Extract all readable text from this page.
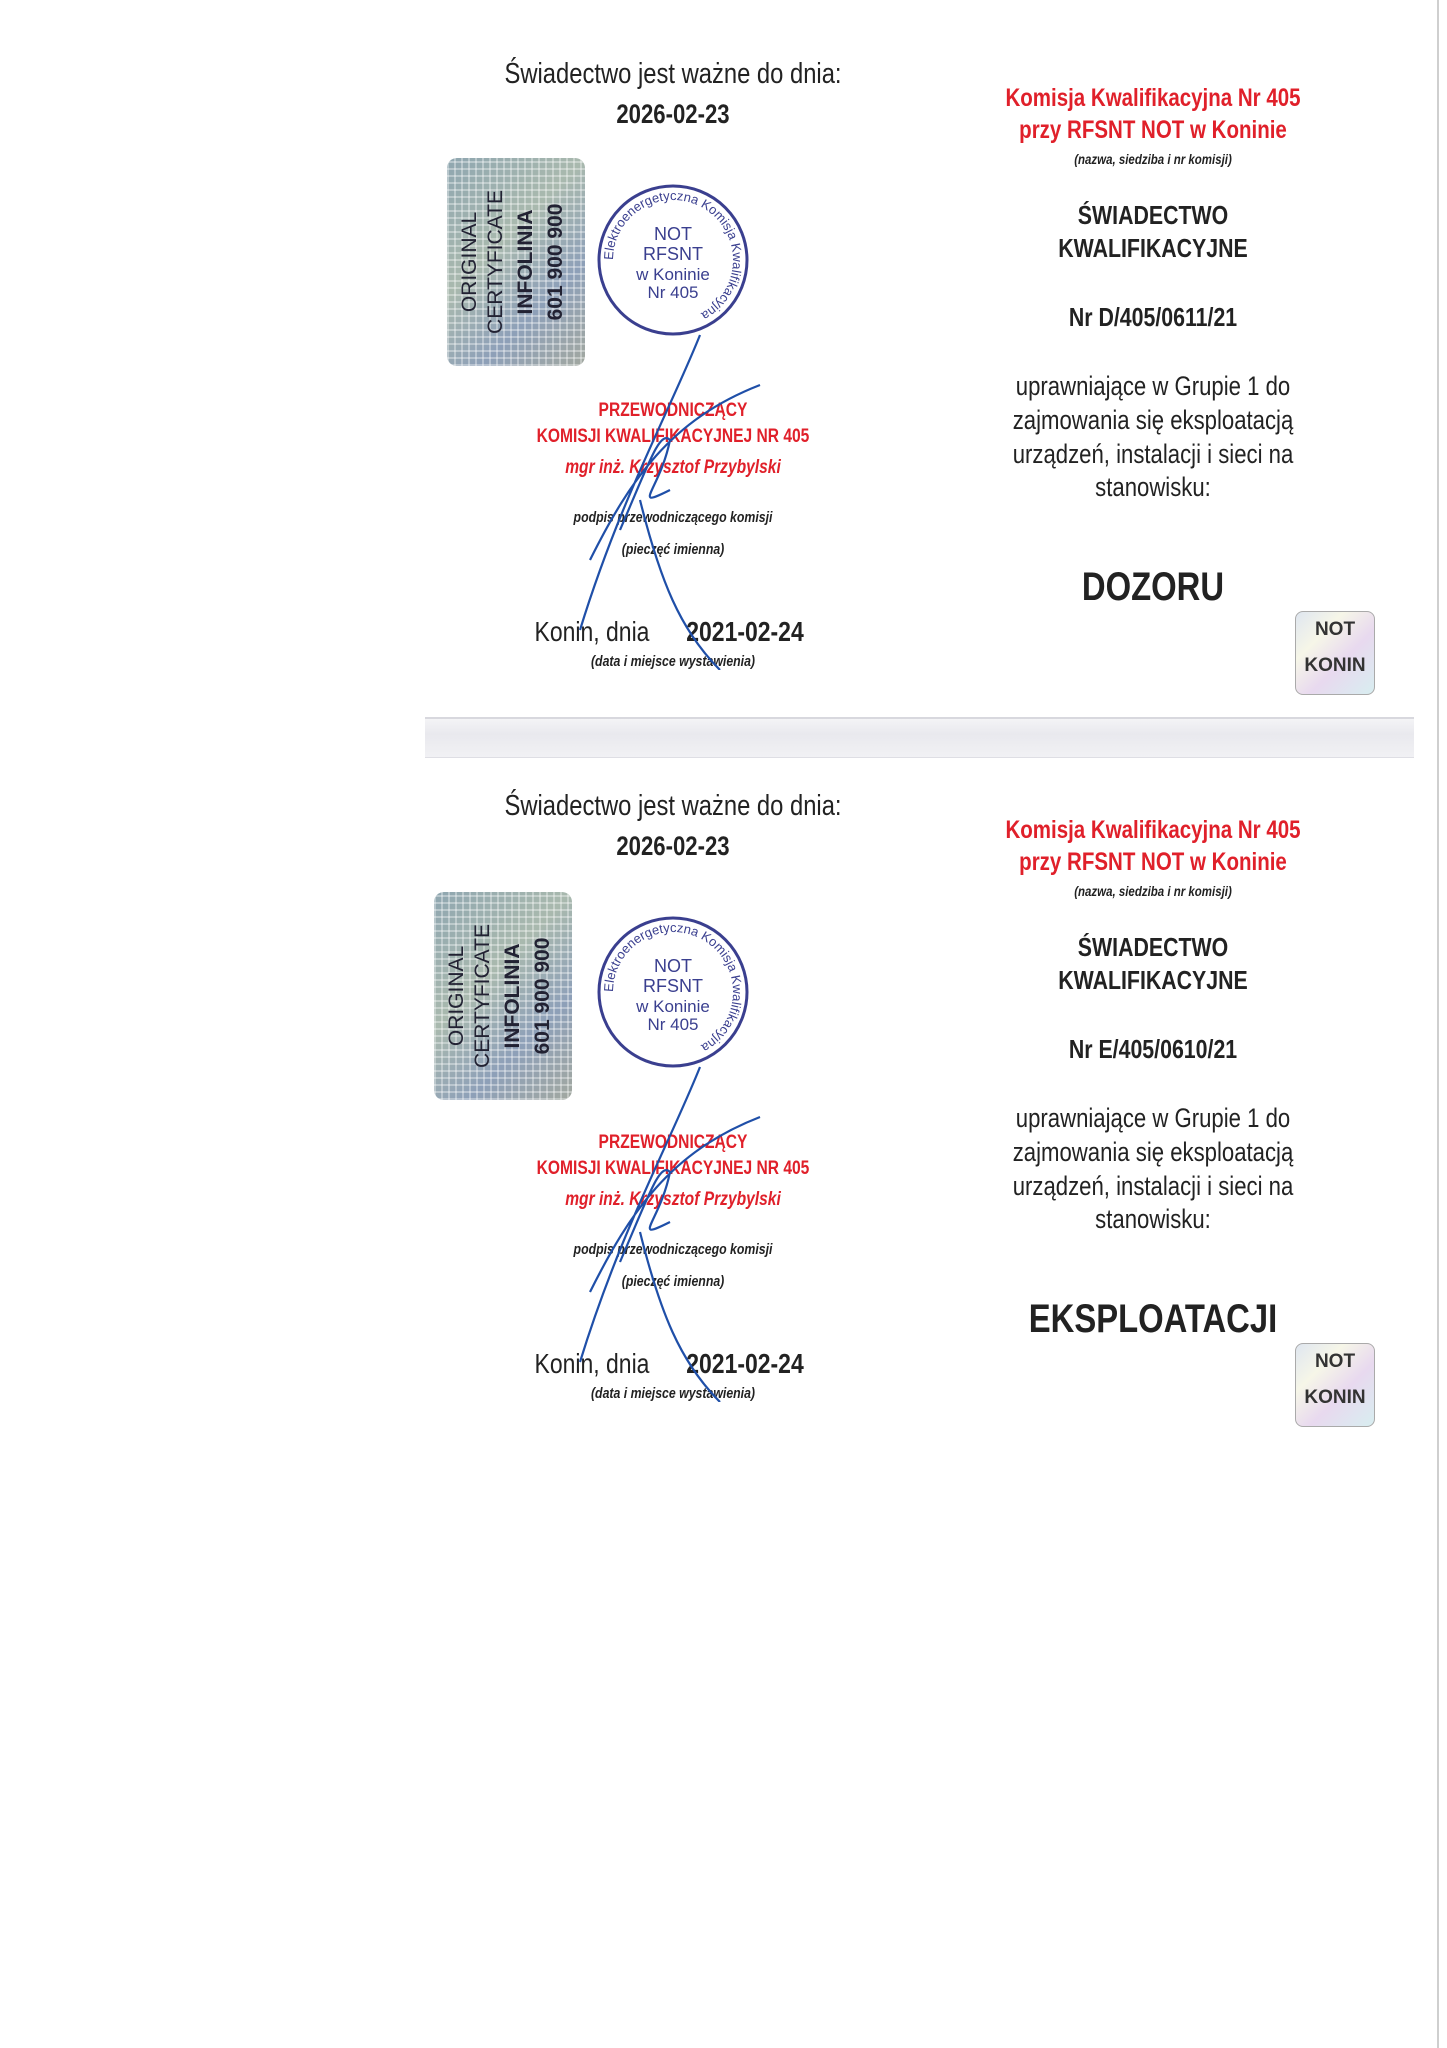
Świadectwo jest ważne do dnia:
2026-02-23
ORIGINAL CERTYFICATE INFOLINIA 601 900 900	Elektroenergetyczna Komisja Kwalifikacyjna
NOT
RFSNT
w Koninie
Nr 405
PRZEWODNICZĄCY
KOMISJI KWALIFIKACYJNEJ NR 405
mgr inż. Krzysztof Przybylski
podpis przewodniczącego komisji
(pieczęć imienna)
Konin, dnia 2021-02-24
(data i miejsce wystawienia)
Komisja Kwalifikacyjna Nr 405
przy RFSNT NOT w Koninie
(nazwa, siedziba i nr komisji)
ŚWIADECTWO
KWALIFIKACYJNE
Nr D/405/0611/21
uprawniające w Grupie 1 do
zajmowania się eksploatacją
urządzeń, instalacji i sieci na
stanowisku:
DOZORU
NOT
KONIN
Świadectwo jest ważne do dnia:
2026-02-23
ORIGINAL CERTYFICATE INFOLINIA 601 900 900	Elektroenergetyczna Komisja Kwalifikacyjna
NOT
RFSNT
w Koninie
Nr 405
PRZEWODNICZĄCY
KOMISJI KWALIFIKACYJNEJ NR 405
mgr inż. Krzysztof Przybylski
podpis przewodniczącego komisji
(pieczęć imienna)
Konin, dnia 2021-02-24
(data i miejsce wystawienia)
Komisja Kwalifikacyjna Nr 405
przy RFSNT NOT w Koninie
(nazwa, siedziba i nr komisji)
ŚWIADECTWO
KWALIFIKACYJNE
Nr E/405/0610/21
uprawniające w Grupie 1 do
zajmowania się eksploatacją
urządzeń, instalacji i sieci na
stanowisku:
EKSPLOATACJI
NOT
KONIN
